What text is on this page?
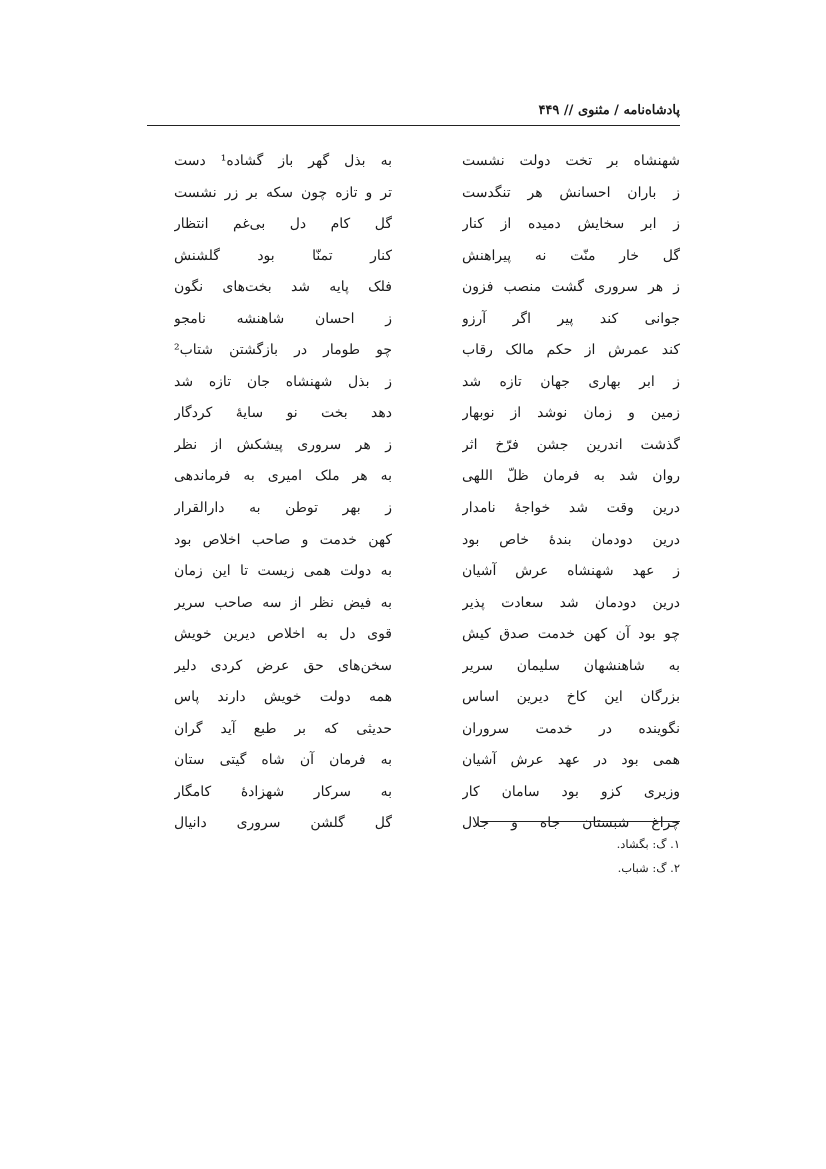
پادشاه‌نامه / مثنوی // ۴۴۹
شهنشاه بر تخت دولت نشست
ز باران احسانش هر تنگدست
ز ابر سخایش دمیده از کنار
گل خار منّت نه پیراهنش
ز هر سروری گشت منصب فزون
جوانی کند پیر اگر آرزو
کند عمرش از حکم مالک رقاب
ز ابر بهاری جهان تازه شد
زمین و زمان نوشد از نوبهار
گذشت اندرین جشن فرّخ اثر
روان شد به فرمان ظلّ اللهی
درین وقت شد خواجهٔ نامدار
درین دودمان بندهٔ خاص بود
ز عهد شهنشاه عرش آشیان
درین دودمان شد سعادت پذیر
چو بود آن کهن خدمت صدق کیش
به شاهنشهان سلیمان سریر
بزرگان این کاخ دیرین اساس
نگوینده در خدمت سروران
همی بود در عهد عرش آشیان
وزیری کزو بود سامان کار
چراغ شبستان جاه و جلال
به بذل گهر باز گشاده¹ دست
تر و تازه چون سکه بر زر نشست
گل کام دل بی‌غم انتظار
کنار تمنّا بود گلشنش
فلک پایه شد بخت‌های نگون
ز احسان شاهنشه نامجو
چو طومار در بازگشتن شتاب²
ز بذل شهنشاه جان تازه شد
دهد بخت نو سایهٔ کردگار
ز هر سروری پیشکش از نظر
به هر ملک امیری به فرماندهی
ز بهر توطن به دارالقرار
کهن خدمت و صاحب اخلاص بود
به دولت همی زیست تا این زمان
به فیض نظر از سه صاحب سریر
قوی دل به اخلاص دیرین خویش
سخن‌های حق عرض کردی دلیر
همه دولت خویش دارند پاس
حدیثی که بر طبع آید گران
به فرمان آن شاه گیتی ستان
به سرکار شهزادهٔ کامگار
گل گلشن سروری دانیال
۱. گ: بگشاد.
۲. گ: شباب.
